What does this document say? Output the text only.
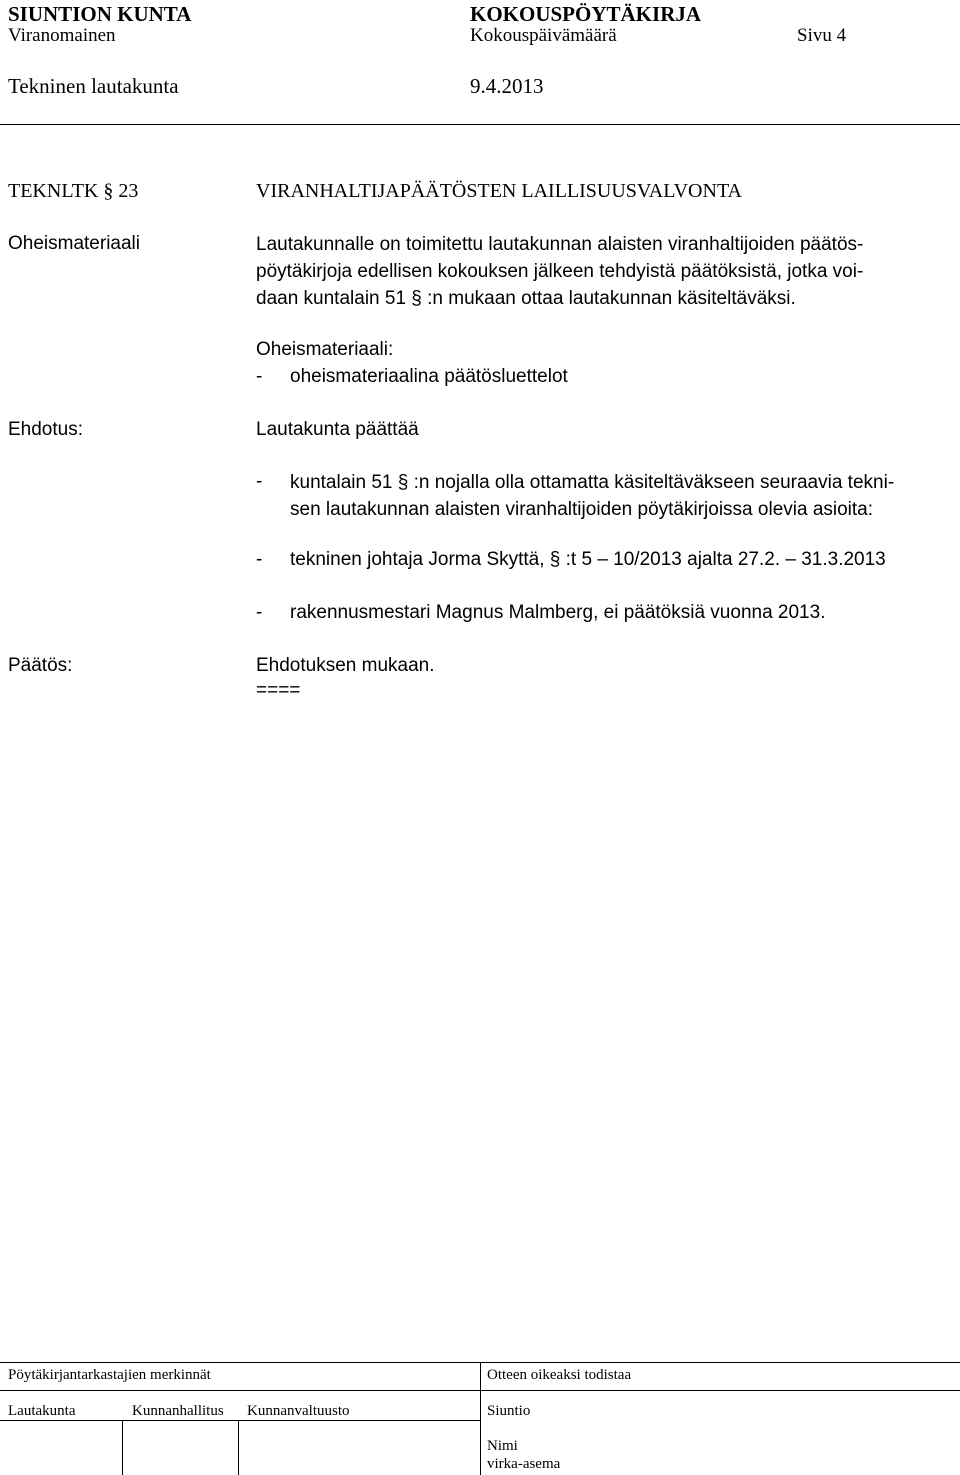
SIUNTION KUNTA	KOKOUSPÖYTÄKIRJA
Viranomainen	Kokouspäivämäärä	Sivu 4
Tekninen lautakunta	9.4.2013
TEKNLTK § 23	VIRANHALTIJAPÄÄTÖSTEN LAILLISUUSVALVONTA
Oheismateriaali	Lautakunnalle on toimitettu lautakunnan alaisten viranhaltijoiden päätös-
pöytäkirjoja edellisen kokouksen jälkeen tehdyistä päätöksistä, jotka voi-
daan kuntalain 51 § :n mukaan ottaa lautakunnan käsiteltäväksi.
Oheismateriaali:
- oheismateriaalina päätösluettelot
Ehdotus:	Lautakunta päättää
- kuntalain 51 § :n nojalla olla ottamatta käsiteltäväkseen seuraavia tekni-
sen lautakunnan alaisten viranhaltijoiden pöytäkirjoissa olevia asioita:
- tekninen johtaja Jorma Skyttä, § :t 5 – 10/2013 ajalta 27.2. – 31.3.2013
- rakennusmestari Magnus Malmberg, ei päätöksiä vuonna 2013.
Päätös:	Ehdotuksen mukaan.
====
Pöytäkirjantarkastajien merkinnät	Otteen oikeaksi todistaa
Lautakunta	Kunnanhallitus Kunnanvaltuusto	Siuntio
Nimi
virka-asema
